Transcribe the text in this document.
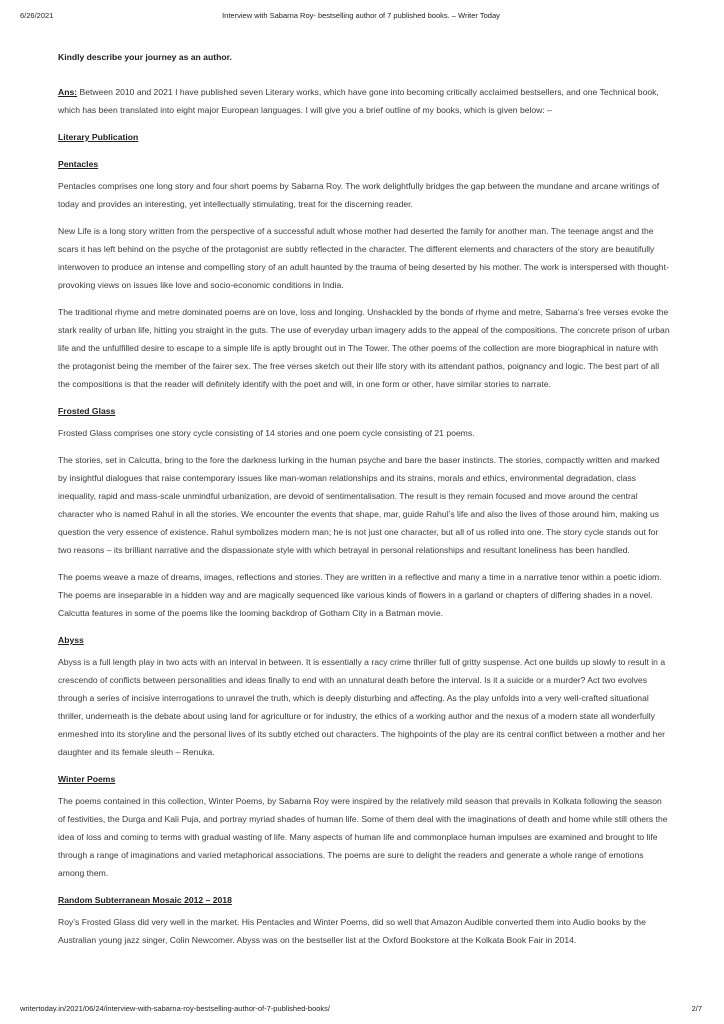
6/26/2021	Interview with Sabarna Roy- bestselling author of 7 published books. – Writer Today

Kindly describe your journey as an author.

Ans: Between 2010 and 2021 I have published seven Literary works, which have gone into becoming critically acclaimed bestsellers, and one Technical book, which has been translated into eight major European languages. I will give you a brief outline of my books, which is given below: –

Literary Publication

Pentacles

Pentacles comprises one long story and four short poems by Sabarna Roy. The work delightfully bridges the gap between the mundane and arcane writings of today and provides an interesting, yet intellectually stimulating, treat for the discerning reader.

New Life is a long story written from the perspective of a successful adult whose mother had deserted the family for another man. The teenage angst and the scars it has left behind on the psyche of the protagonist are subtly reflected in the character. The different elements and characters of the story are beautifully interwoven to produce an intense and compelling story of an adult haunted by the trauma of being deserted by his mother. The work is interspersed with thought-provoking views on issues like love and socio-economic conditions in India.

The traditional rhyme and metre dominated poems are on love, loss and longing. Unshackled by the bonds of rhyme and metre, Sabarna’s free verses evoke the stark reality of urban life, hitting you straight in the guts. The use of everyday urban imagery adds to the appeal of the compositions. The concrete prison of urban life and the unfulfilled desire to escape to a simple life is aptly brought out in The Tower. The other poems of the collection are more biographical in nature with the protagonist being the member of the fairer sex. The free verses sketch out their life story with its attendant pathos, poignancy and logic. The best part of all the compositions is that the reader will definitely identify with the poet and will, in one form or other, have similar stories to narrate.

Frosted Glass

Frosted Glass comprises one story cycle consisting of 14 stories and one poem cycle consisting of 21 poems.

The stories, set in Calcutta, bring to the fore the darkness lurking in the human psyche and bare the baser instincts. The stories, compactly written and marked by insightful dialogues that raise contemporary issues like man-woman relationships and its strains, morals and ethics, environmental degradation, class inequality, rapid and mass-scale unmindful urbanization, are devoid of sentimentalisation. The result is they remain focused and move around the central character who is named Rahul in all the stories. We encounter the events that shape, mar, guide Rahul’s life and also the lives of those around him, making us question the very essence of existence. Rahul symbolizes modern man; he is not just one character, but all of us rolled into one. The story cycle stands out for two reasons – its brilliant narrative and the dispassionate style with which betrayal in personal relationships and resultant loneliness has been handled.

The poems weave a maze of dreams, images, reflections and stories. They are written in a reflective and many a time in a narrative tenor within a poetic idiom. The poems are inseparable in a hidden way and are magically sequenced like various kinds of flowers in a garland or chapters of differing shades in a novel. Calcutta features in some of the poems like the looming backdrop of Gotham City in a Batman movie.

Abyss

Abyss is a full length play in two acts with an interval in between. It is essentially a racy crime thriller full of gritty suspense. Act one builds up slowly to result in a crescendo of conflicts between personalities and ideas finally to end with an unnatural death before the interval. Is it a suicide or a murder? Act two evolves through a series of incisive interrogations to unravel the truth, which is deeply disturbing and affecting. As the play unfolds into a very well-crafted situational thriller, underneath is the debate about using land for agriculture or for industry, the ethics of a working author and the nexus of a modern state all wonderfully enmeshed into its storyline and the personal lives of its subtly etched out characters. The highpoints of the play are its central conflict between a mother and her daughter and its female sleuth – Renuka.

Winter Poems

The poems contained in this collection, Winter Poems, by Sabarna Roy were inspired by the relatively mild season that prevails in Kolkata following the season of festivities, the Durga and Kali Puja, and portray myriad shades of human life. Some of them deal with the imaginations of death and home while still others the idea of loss and coming to terms with gradual wasting of life. Many aspects of human life and commonplace human impulses are examined and brought to life through a range of imaginations and varied metaphorical associations. The poems are sure to delight the readers and generate a whole range of emotions among them.

Random Subterranean Mosaic 2012 – 2018

Roy’s Frosted Glass did very well in the market. His Pentacles and Winter Poems, did so well that Amazon Audible converted them into Audio books by the Australian young jazz singer, Colin Newcomer. Abyss was on the bestseller list at the Oxford Bookstore at the Kolkata Book Fair in 2014.

writertoday.in/2021/06/24/interview-with-sabarna-roy-bestselling-author-of-7-published-books/	2/7
